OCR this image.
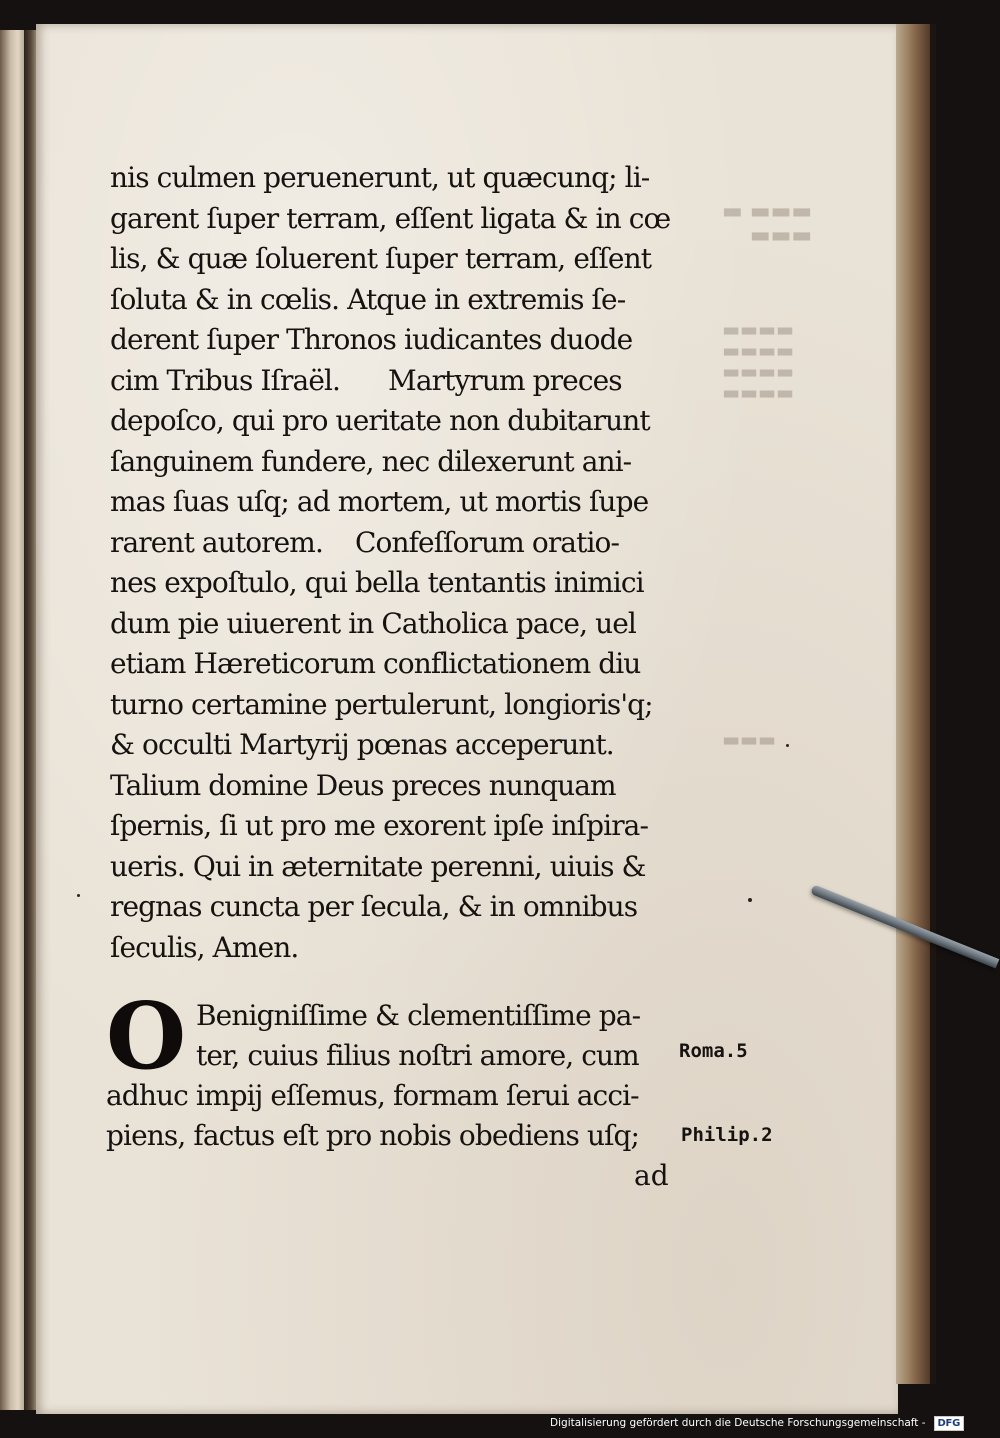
▬▬▬ ▬
▬▬▬
▬▬▬▬
▬▬▬▬
▬▬▬▬
▬▬▬▬
▬▬▬
nis culmen peruenerunt, ut quæcunq; li-
garent ſuper terram, eſſent ligata & in cœ
lis, & quæ ſoluerent ſuper terram, eſſent
ſoluta & in cœlis. Atque in extremis ſe-
derent ſuper Thronos iudicantes duode
cim Tribus Iſraël.      Martyrum preces
depoſco, qui pro ueritate non dubitarunt
ſanguinem fundere, nec dilexerunt ani-
mas ſuas uſq; ad mortem, ut mortis ſupe
rarent autorem.    Confeſſorum oratio-
nes expoſtulo, qui bella tentantis inimici
dum pie uiuerent in Catholica pace, uel
etiam Hæreticorum conflictationem diu
turno certamine pertulerunt, longioris'q;
& occulti Martyrij pœnas acceperunt.
Talium domine Deus preces nunquam
ſpernis, ſi ut pro me exorent ipſe inſpira-
ueris. Qui in æternitate perenni, uiuis &
regnas cuncta per ſecula, & in omnibus
ſeculis, Amen.
O Benigniſſime & clementiſſime pa-
ter, cuius filius noſtri amore, cum
adhuc impij eſſemus, formam ſerui acci-
piens, factus eſt pro nobis obediens uſq;
ad
Roma.5
Philip.2
Digitalisierung gefördert durch die Deutsche Forschungsgemeinschaft -	DFG
